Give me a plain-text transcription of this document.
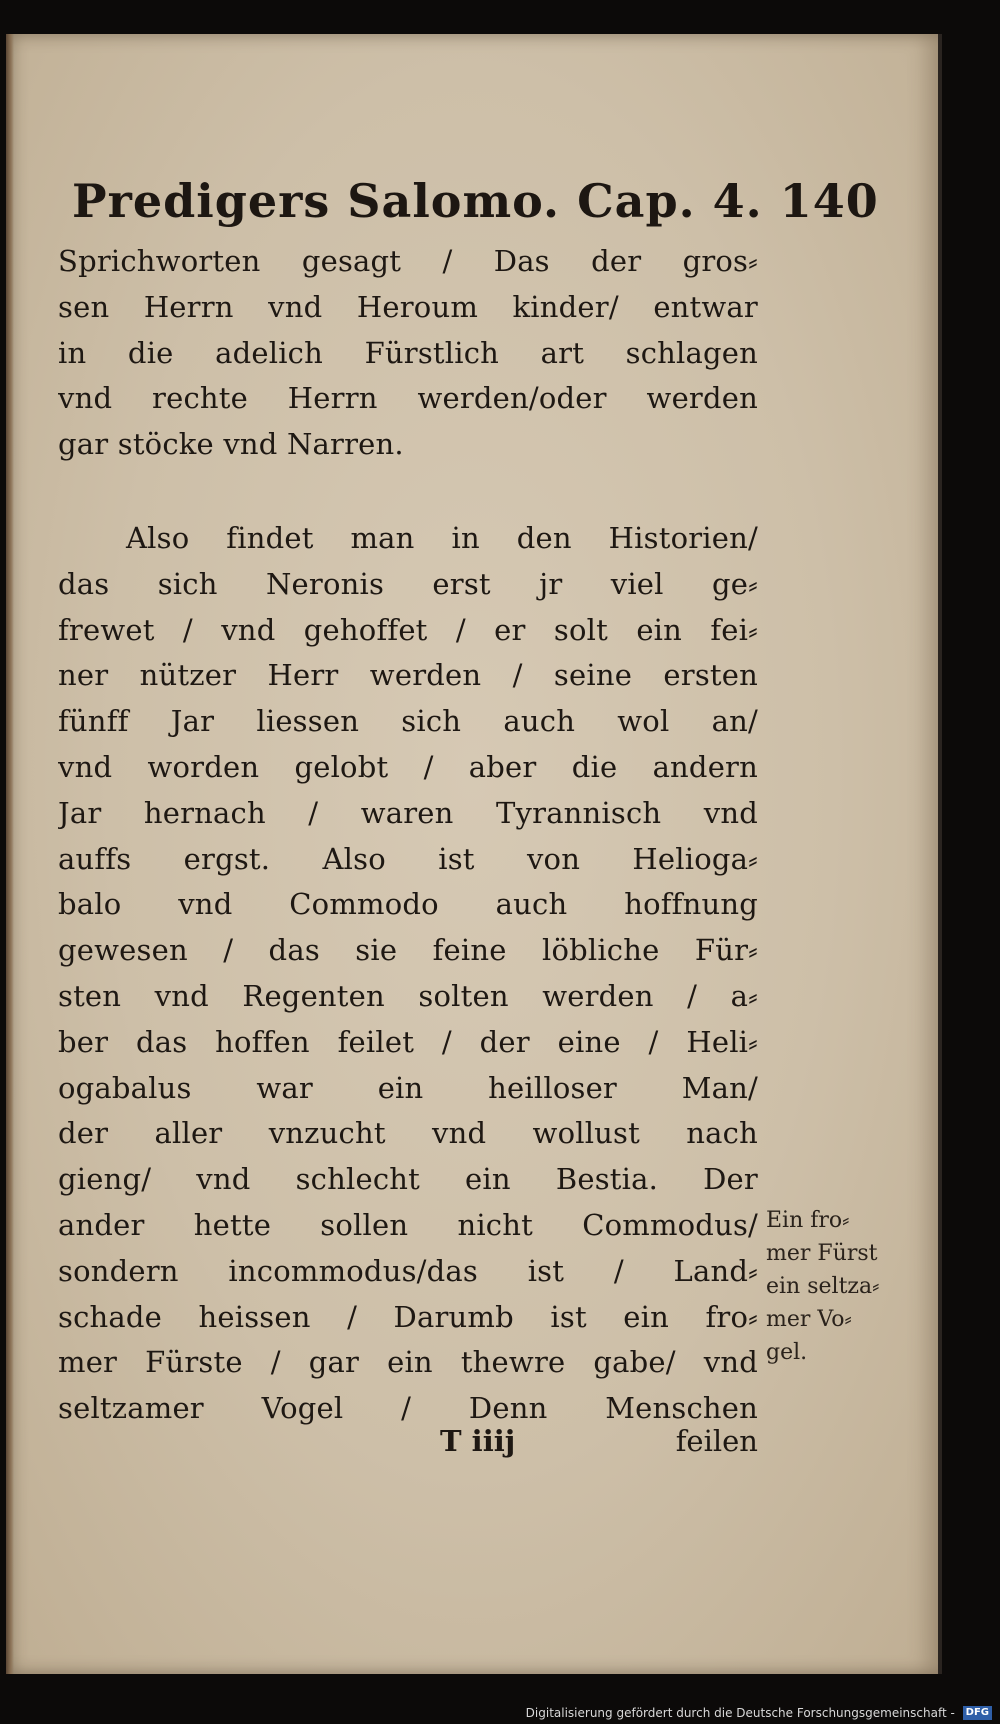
Predigers Salomo. Cap. 4. 140
Sprichworten gesagt / Das der gros⸗
sen Herrn vnd Heroum kinder/ entwar
in die adelich Fürstlich art schlagen
vnd rechte Herrn werden/oder werden
gar stöcke vnd Narren.
Also findet man in den Historien/
das sich Neronis erst jr viel ge⸗
frewet / vnd gehoffet / er solt ein fei⸗
ner nützer Herr werden / seine ersten
fünff Jar liessen sich auch wol an/
vnd worden gelobt / aber die andern
Jar hernach / waren Tyrannisch vnd
auffs ergst. Also ist von Helioga⸗
balo vnd Commodo auch hoffnung
gewesen / das sie feine löbliche Für⸗
sten vnd Regenten solten werden / a⸗
ber das hoffen feilet / der eine / Heli⸗
ogabalus war ein heilloser Man/
der aller vnzucht vnd wollust nach
gieng/ vnd schlecht ein Bestia. Der
ander hette sollen nicht Commodus/
sondern incommodus/das ist / Land⸗
schade heissen / Darumb ist ein fro⸗
mer Fürste / gar ein thewre gabe/ vnd
seltzamer Vogel / Denn Menschen
Ein fro⸗
mer Fürst
ein seltza⸗
mer Vo⸗
gel.
T iiij	feilen
Digitalisierung gefördert durch die Deutsche Forschungsgemeinschaft - DFG
